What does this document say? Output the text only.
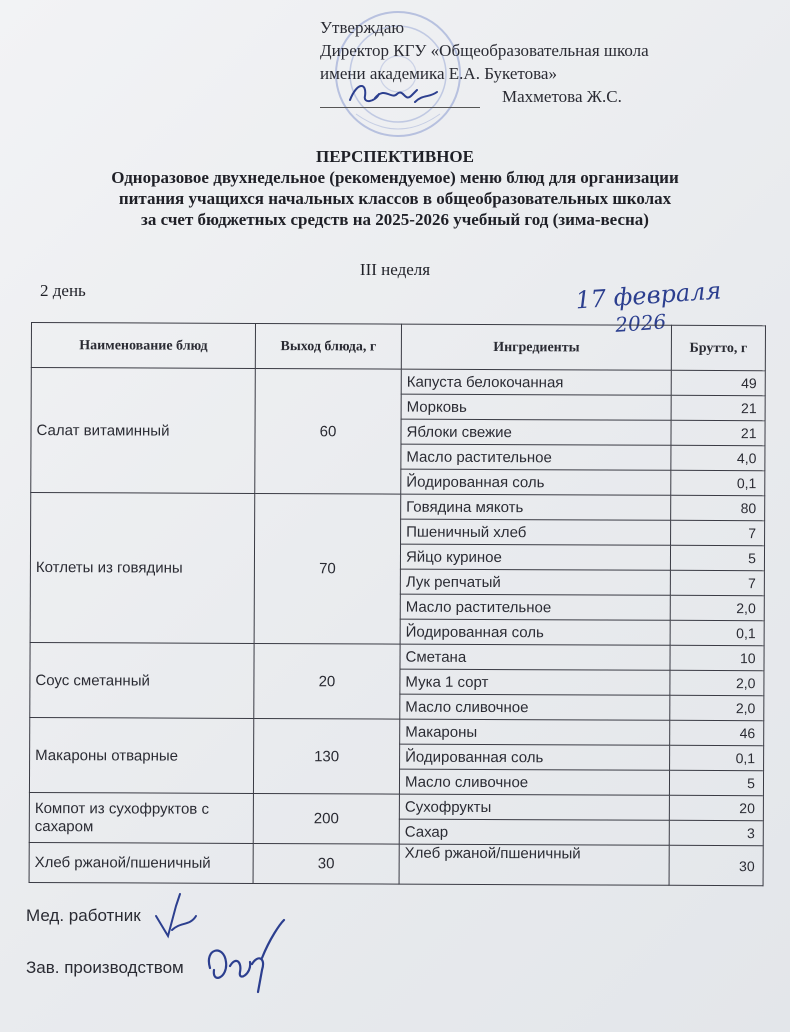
Утверждаю
Директор КГУ «Общеобразовательная школа
имени академика Е.А. Букетова»
Махметова Ж.С.
ПЕРСПЕКТИВНОЕ
Одноразовое двухнедельное (рекомендуемое) меню блюд для организации
питания учащихся начальных классов в общеобразовательных школах
за счет бюджетных средств на 2025-2026 учебный год (зима-весна)
III неделя
2 день	17 февраля
2026
Наименование блюд	Выход блюда, г	Ингредиенты	Брутто, г
Салат витаминный	60	Капуста белокочанная	49
		Морковь	21
		Яблоки свежие	21
		Масло растительное	4,0
		Йодированная соль	0,1
Котлеты из говядины	70	Говядина мякоть	80
		Пшеничный хлеб	7
		Яйцо куриное	5
		Лук репчатый	7
		Масло растительное	2,0
		Йодированная соль	0,1
Соус сметанный	20	Сметана	10
		Мука 1 сорт	2,0
		Масло сливочное	2,0
Макароны отварные	130	Макароны	46
		Йодированная соль	0,1
		Масло сливочное	5
Компот из сухофруктов с сахаром	200	Сухофрукты	20
		Сахар	3
Хлеб ржаной/пшеничный	30	Хлеб ржаной/пшеничный	30
Мед. работник
Зав. производством
